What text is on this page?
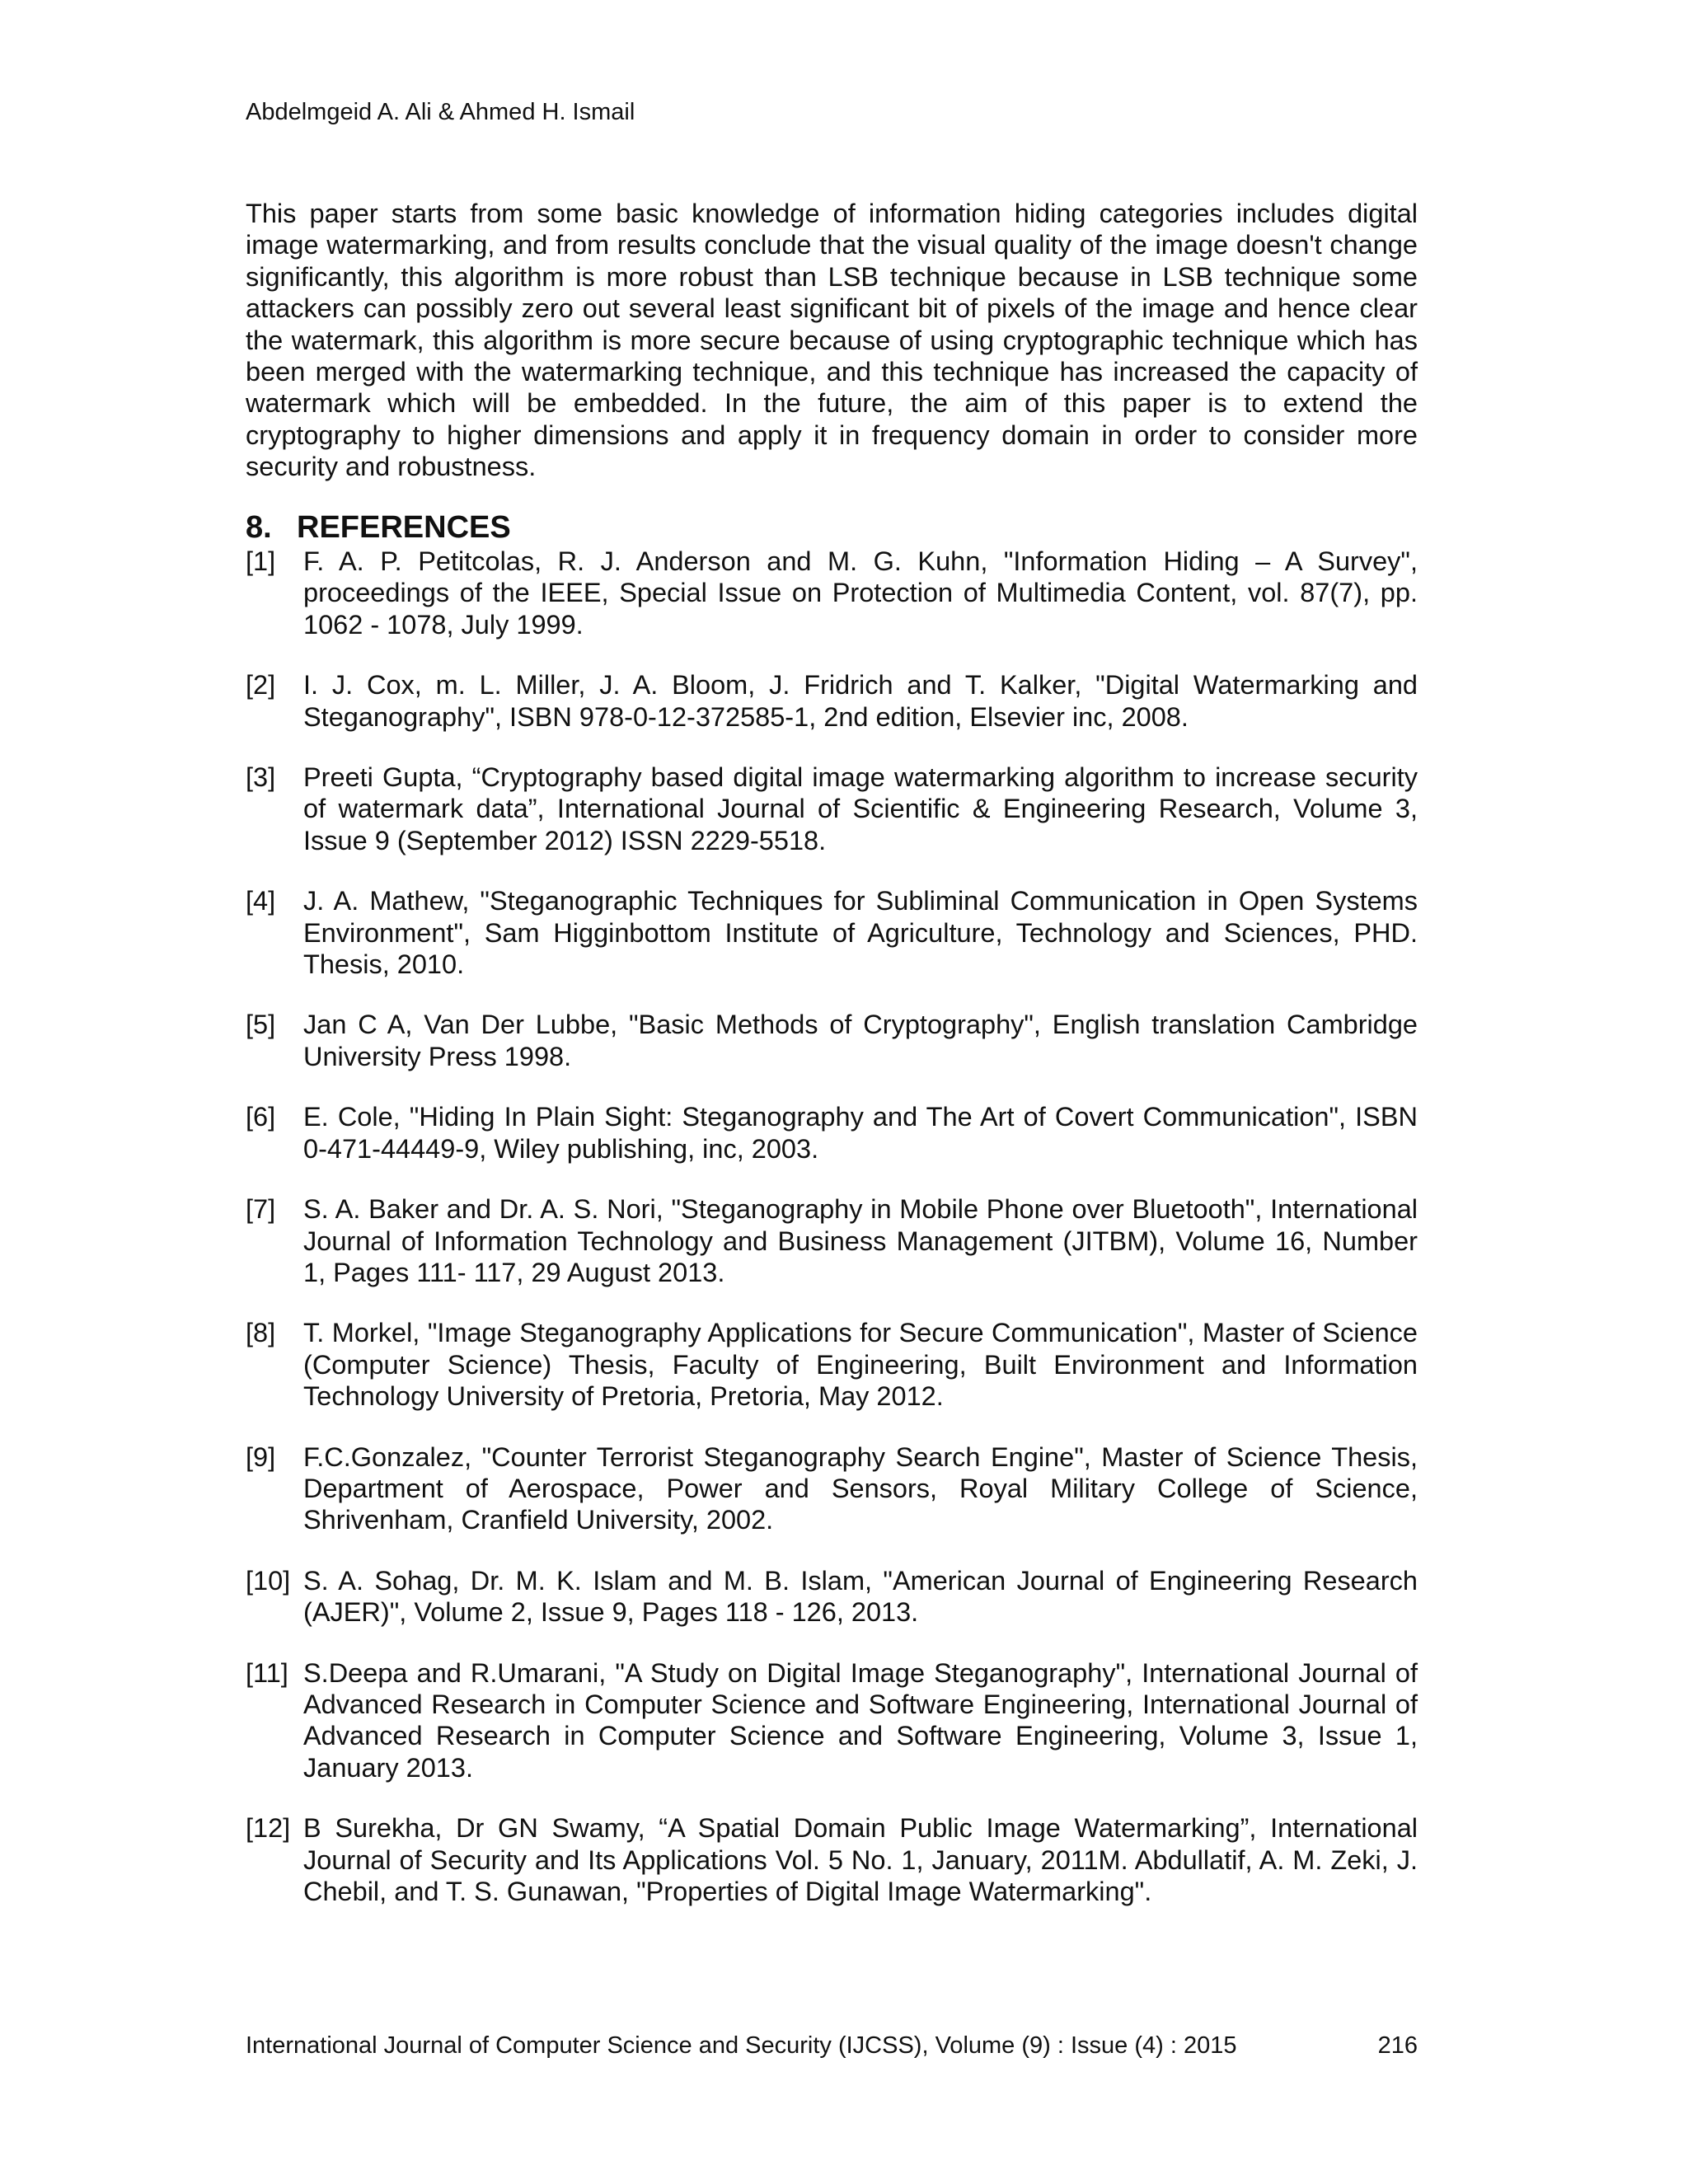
Abdelmgeid A. Ali & Ahmed H. Ismail

This paper starts from some basic knowledge of information hiding categories includes digital image watermarking, and from results conclude that the visual quality of the image doesn't change significantly, this algorithm is more robust than LSB technique because in LSB technique some attackers can possibly zero out several least significant bit of pixels of the image and hence clear the watermark, this algorithm is more secure because of using cryptographic technique which has been merged with the watermarking technique, and this technique has increased the capacity of watermark which will be embedded. In the future, the aim of this paper is to extend the cryptography to higher dimensions and apply it in frequency domain in order to consider more security and robustness.

8. REFERENCES
[1]	F. A. P. Petitcolas, R. J. Anderson and M. G. Kuhn, "Information Hiding – A Survey", proceedings of the IEEE, Special Issue on Protection of Multimedia Content, vol. 87(7), pp. 1062 - 1078, July 1999.
[2]	I. J. Cox, m. L. Miller, J. A. Bloom, J. Fridrich and T. Kalker, "Digital Watermarking and Steganography", ISBN 978-0-12-372585-1, 2nd edition, Elsevier inc, 2008.
[3]	Preeti Gupta, “Cryptography based digital image watermarking algorithm to increase security of watermark data”, International Journal of Scientific & Engineering Research, Volume 3, Issue 9 (September 2012) ISSN 2229-5518.
[4]	J. A. Mathew, "Steganographic Techniques for Subliminal Communication in Open Systems Environment", Sam Higginbottom Institute of Agriculture, Technology and Sciences, PHD. Thesis, 2010.
[5]	Jan C A, Van Der Lubbe, "Basic Methods of Cryptography", English translation Cambridge University Press 1998.
[6]	E. Cole, "Hiding In Plain Sight: Steganography and The Art of Covert Communication", ISBN 0-471-44449-9, Wiley publishing, inc, 2003.
[7]	S. A. Baker and Dr. A. S. Nori, "Steganography in Mobile Phone over Bluetooth", International Journal of Information Technology and Business Management (JITBM), Volume 16, Number 1, Pages 111- 117, 29 August 2013.
[8]	T. Morkel, "Image Steganography Applications for Secure Communication", Master of Science (Computer Science) Thesis, Faculty of Engineering, Built Environment and Information Technology University of Pretoria, Pretoria, May 2012.
[9]	F.C.Gonzalez, "Counter Terrorist Steganography Search Engine", Master of Science Thesis, Department of Aerospace, Power and Sensors, Royal Military College of Science, Shrivenham, Cranfield University, 2002.
[10] S. A. Sohag, Dr. M. K. Islam and M. B. Islam, "American Journal of Engineering Research (AJER)", Volume 2, Issue 9, Pages 118 - 126, 2013.
[11] S.Deepa and R.Umarani, "A Study on Digital Image Steganography", International Journal of Advanced Research in Computer Science and Software Engineering, International Journal of Advanced Research in Computer Science and Software Engineering, Volume 3, Issue 1, January 2013.
[12] B Surekha, Dr GN Swamy, “A Spatial Domain Public Image Watermarking”, International Journal of Security and Its Applications Vol. 5 No. 1, January, 2011M. Abdullatif, A. M. Zeki, J. Chebil, and T. S. Gunawan, "Properties of Digital Image Watermarking".
International Journal of Computer Science and Security (IJCSS), Volume (9) : Issue (4) : 2015	216
